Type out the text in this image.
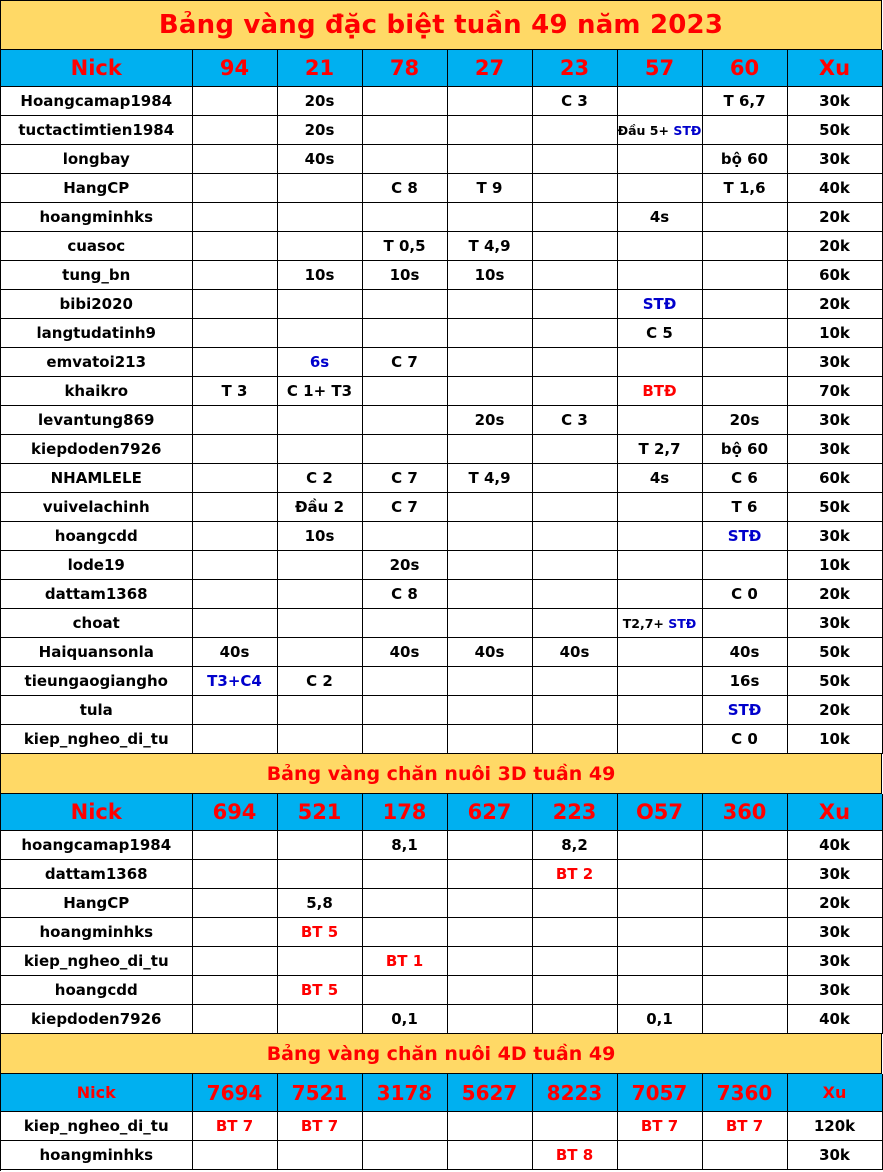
Bảng vàng đặc biệt tuần 49 năm 2023
Nick	94	21	78	27	23	57	60	Xu
Hoangcamap1984		20s			C 3		T 6,7	30k
tuctactimtien1984		20s				Đầu 5+ STĐ		50k
longbay		40s					bộ 60	30k
HangCP			C 8	T 9			T 1,6	40k
hoangminhks						4s		20k
cuasoc			T 0,5	T 4,9				20k
tung_bn		10s	10s	10s				60k
bibi2020						STĐ		20k
langtudatinh9						C 5		10k
emvatoi213		6s	C 7					30k
khaikro	T 3	C 1+ T3				BTĐ		70k
levantung869				20s	C 3		20s	30k
kiepdoden7926						T 2,7	bộ 60	30k
NHAMLELE		C 2	C 7	T 4,9		4s	C 6	60k
vuivelachinh		Đầu 2	C 7				T 6	50k
hoangcdd		10s					STĐ	30k
lode19			20s					10k
dattam1368			C 8				C 0	20k
choat						T2,7+ STĐ		30k
Haiquansonla	40s		40s	40s	40s		40s	50k
tieungaogiangho	T3+C4	C 2					16s	50k
tula							STĐ	20k
kiep_ngheo_di_tu							C 0	10k
Bảng vàng chăn nuôi 3D tuần 49
Nick	694	521	178	627	223	O57	360	Xu
hoangcamap1984			8,1		8,2			40k
dattam1368					BT 2			30k
HangCP		5,8						20k
hoangminhks		BT 5						30k
kiep_ngheo_di_tu			BT 1					30k
hoangcdd		BT 5						30k
kiepdoden7926			0,1			0,1		40k
Bảng vàng chăn nuôi 4D tuần 49
Nick	7694	7521	3178	5627	8223	7057	7360	Xu
kiep_ngheo_di_tu	BT 7	BT 7				BT 7	BT 7	120k
hoangminhks					BT 8			30k
